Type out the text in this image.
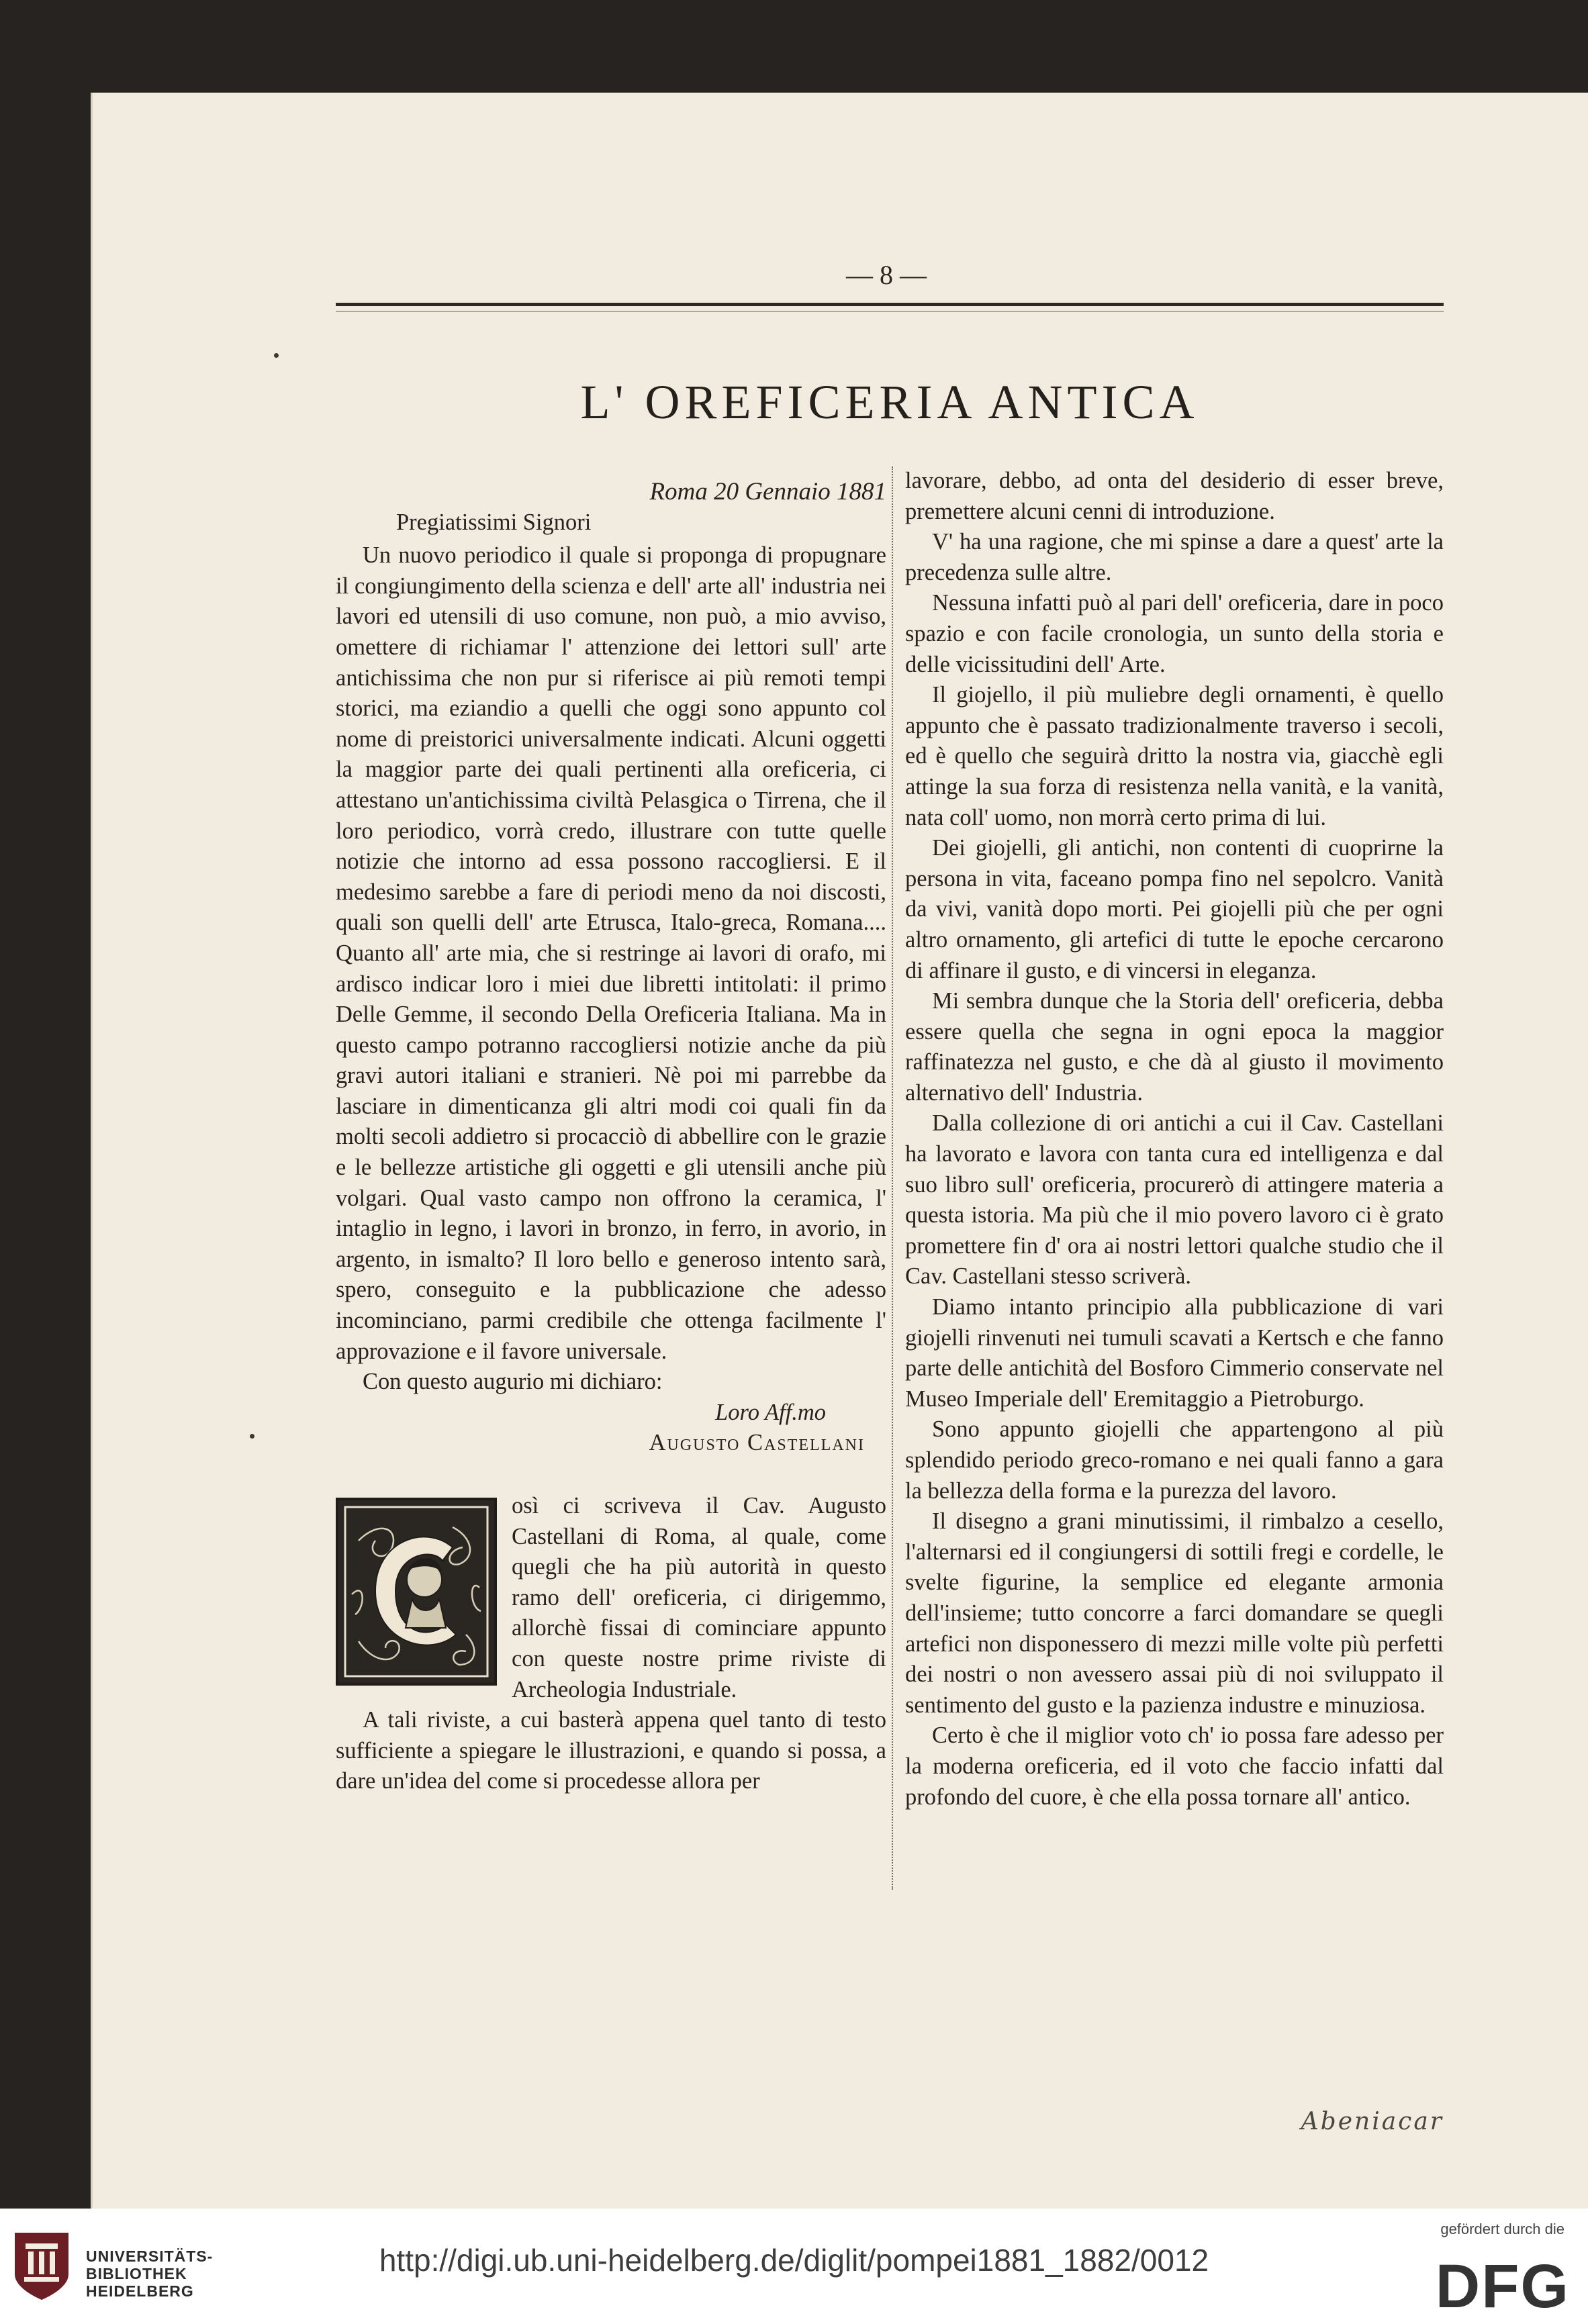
— 8 —
L' OREFICERIA ANTICA

Roma 20 Gennaio 1881

Pregiatissimi Signori

Un nuovo periodico il quale si proponga di propugnare il congiungimento della scienza e dell' arte all' industria nei lavori ed utensili di uso comune, non può, a mio avviso, omettere di richiamar l' attenzione dei lettori sull' arte antichissima che non pur si riferisce ai più remoti tempi storici, ma eziandio a quelli che oggi sono appunto col nome di preistorici universalmente indicati. Alcuni oggetti la maggior parte dei quali pertinenti alla oreficeria, ci attestano un'antichissima civiltà Pelasgica o Tirrena, che il loro periodico, vorrà credo, illustrare con tutte quelle notizie che intorno ad essa possono raccogliersi. E il medesimo sarebbe a fare di periodi meno da noi discosti, quali son quelli dell' arte Etrusca, Italo-greca, Romana.... Quanto all' arte mia, che si restringe ai lavori di orafo, mi ardisco indicar loro i miei due libretti intitolati: il primo Delle Gemme, il secondo Della Oreficeria Italiana. Ma in questo campo potranno raccogliersi notizie anche da più gravi autori italiani e stranieri. Nè poi mi parrebbe da lasciare in dimenticanza gli altri modi coi quali fin da molti secoli addietro si procacciò di abbellire con le grazie e le bellezze artistiche gli oggetti e gli utensili anche più volgari. Qual vasto campo non offrono la ceramica, l' intaglio in legno, i lavori in bronzo, in ferro, in avorio, in argento, in ismalto? Il loro bello e generoso intento sarà, spero, conseguito e la pubblicazione che adesso incominciano, parmi credibile che ottenga facilmente l' approvazione e il favore universale.

Con questo augurio mi dichiaro:

Loro Aff.mo

Augusto Castellani

osì ci scriveva il Cav. Augusto Castellani di Roma, al quale, come quegli che ha più autorità in questo ramo dell' oreficeria, ci dirigemmo, allorchè fissai di cominciare appunto con queste nostre prime riviste di Archeologia Industriale.

A tali riviste, a cui basterà appena quel tanto di testo sufficiente a spiegare le illustrazioni, e quando si possa, a dare un'idea del come si procedesse allora per

lavorare, debbo, ad onta del desiderio di esser breve, premettere alcuni cenni di introduzione.

V' ha una ragione, che mi spinse a dare a quest' arte la precedenza sulle altre.

Nessuna infatti può al pari dell' oreficeria, dare in poco spazio e con facile cronologia, un sunto della storia e delle vicissitudini dell' Arte.

Il giojello, il più muliebre degli ornamenti, è quello appunto che è passato tradizionalmente traverso i secoli, ed è quello che seguirà dritto la nostra via, giacchè egli attinge la sua forza di resistenza nella vanità, e la vanità, nata coll' uomo, non morrà certo prima di lui.

Dei giojelli, gli antichi, non contenti di cuoprirne la persona in vita, faceano pompa fino nel sepolcro. Vanità da vivi, vanità dopo morti. Pei giojelli più che per ogni altro ornamento, gli artefici di tutte le epoche cercarono di affinare il gusto, e di vincersi in eleganza.

Mi sembra dunque che la Storia dell' oreficeria, debba essere quella che segna in ogni epoca la maggior raffinatezza nel gusto, e che dà al giusto il movimento alternativo dell' Industria.

Dalla collezione di ori antichi a cui il Cav. Castellani ha lavorato e lavora con tanta cura ed intelligenza e dal suo libro sull' oreficeria, procurerò di attingere materia a questa istoria. Ma più che il mio povero lavoro ci è grato promettere fin d' ora ai nostri lettori qualche studio che il Cav. Castellani stesso scriverà.

Diamo intanto principio alla pubblicazione di vari giojelli rinvenuti nei tumuli scavati a Kertsch e che fanno parte delle antichità del Bosforo Cimmerio conservate nel Museo Imperiale dell' Eremitaggio a Pietroburgo.

Sono appunto giojelli che appartengono al più splendido periodo greco-romano e nei quali fanno a gara la bellezza della forma e la purezza del lavoro.

Il disegno a grani minutissimi, il rimbalzo a cesello, l'alternarsi ed il congiungersi di sottili fregi e cordelle, le svelte figurine, la semplice ed elegante armonia dell'insieme; tutto concorre a farci domandare se quegli artefici non disponessero di mezzi mille volte più perfetti dei nostri o non avessero assai più di noi sviluppato il sentimento del gusto e la pazienza industre e minuziosa.

Certo è che il miglior voto ch' io possa fare adesso per la moderna oreficeria, ed il voto che faccio infatti dal profondo del cuore, è che ella possa tornare all' antico.

Abeniacar
UNIVERSITÄTS-
BIBLIOTHEK
HEIDELBERG
http://digi.ub.uni-heidelberg.de/diglit/pompei1881_1882/0012
gefördert durch die
DFG
